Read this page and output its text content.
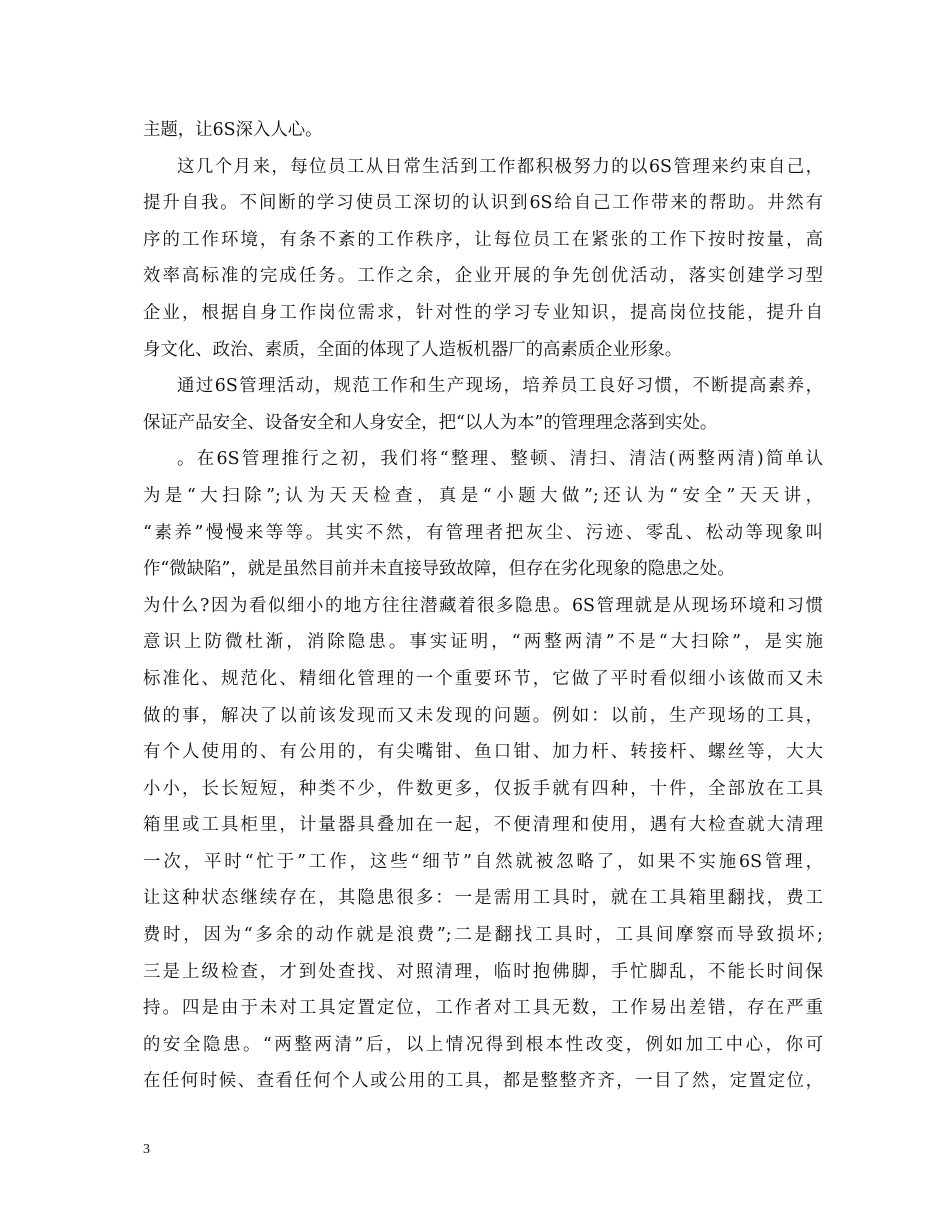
主题，让6S深入人心。
这几个月来，每位员工从日常生活到工作都积极努力的以6S管理来约束自己，
提升自我。不间断的学习使员工深切的认识到6S给自己工作带来的帮助。井然有
序的工作环境，有条不紊的工作秩序，让每位员工在紧张的工作下按时按量，高
效率高标准的完成任务。工作之余，企业开展的争先创优活动，落实创建学习型
企业，根据自身工作岗位需求，针对性的学习专业知识，提高岗位技能，提升自
身文化、政治、素质，全面的体现了人造板机器厂的高素质企业形象。
通过6S管理活动，规范工作和生产现场，培养员工良好习惯，不断提高素养，
保证产品安全、设备安全和人身安全，把“以人为本”的管理理念落到实处。
。在6S管理推行之初，我们将“整理、整顿、清扫、清洁(两整两清)简单认
为是“大扫除”;认为天天检查，真是“小题大做”;还认为“安全”天天讲，
“素养”慢慢来等等。其实不然，有管理者把灰尘、污迹、零乱、松动等现象叫
作“微缺陷”，就是虽然目前并未直接导致故障，但存在劣化现象的隐患之处。
为什么?因为看似细小的地方往往潜藏着很多隐患。6S管理就是从现场环境和习惯
意识上防微杜渐，消除隐患。事实证明，“两整两清”不是“大扫除”，是实施
标准化、规范化、精细化管理的一个重要环节，它做了平时看似细小该做而又未
做的事，解决了以前该发现而又未发现的问题。例如：以前，生产现场的工具，
有个人使用的、有公用的，有尖嘴钳、鱼口钳、加力杆、转接杆、螺丝等，大大
小小，长长短短，种类不少，件数更多，仅扳手就有四种，十件，全部放在工具
箱里或工具柜里，计量器具叠加在一起，不便清理和使用，遇有大检查就大清理
一次，平时“忙于”工作，这些“细节”自然就被忽略了，如果不实施6S管理，
让这种状态继续存在，其隐患很多：一是需用工具时，就在工具箱里翻找，费工
费时，因为“多余的动作就是浪费”;二是翻找工具时，工具间摩察而导致损坏;
三是上级检查，才到处查找、对照清理，临时抱佛脚，手忙脚乱，不能长时间保
持。四是由于未对工具定置定位，工作者对工具无数，工作易出差错，存在严重
的安全隐患。“两整两清”后，以上情况得到根本性改变，例如加工中心，你可
在任何时候、查看任何个人或公用的工具，都是整整齐齐，一目了然，定置定位，
3
